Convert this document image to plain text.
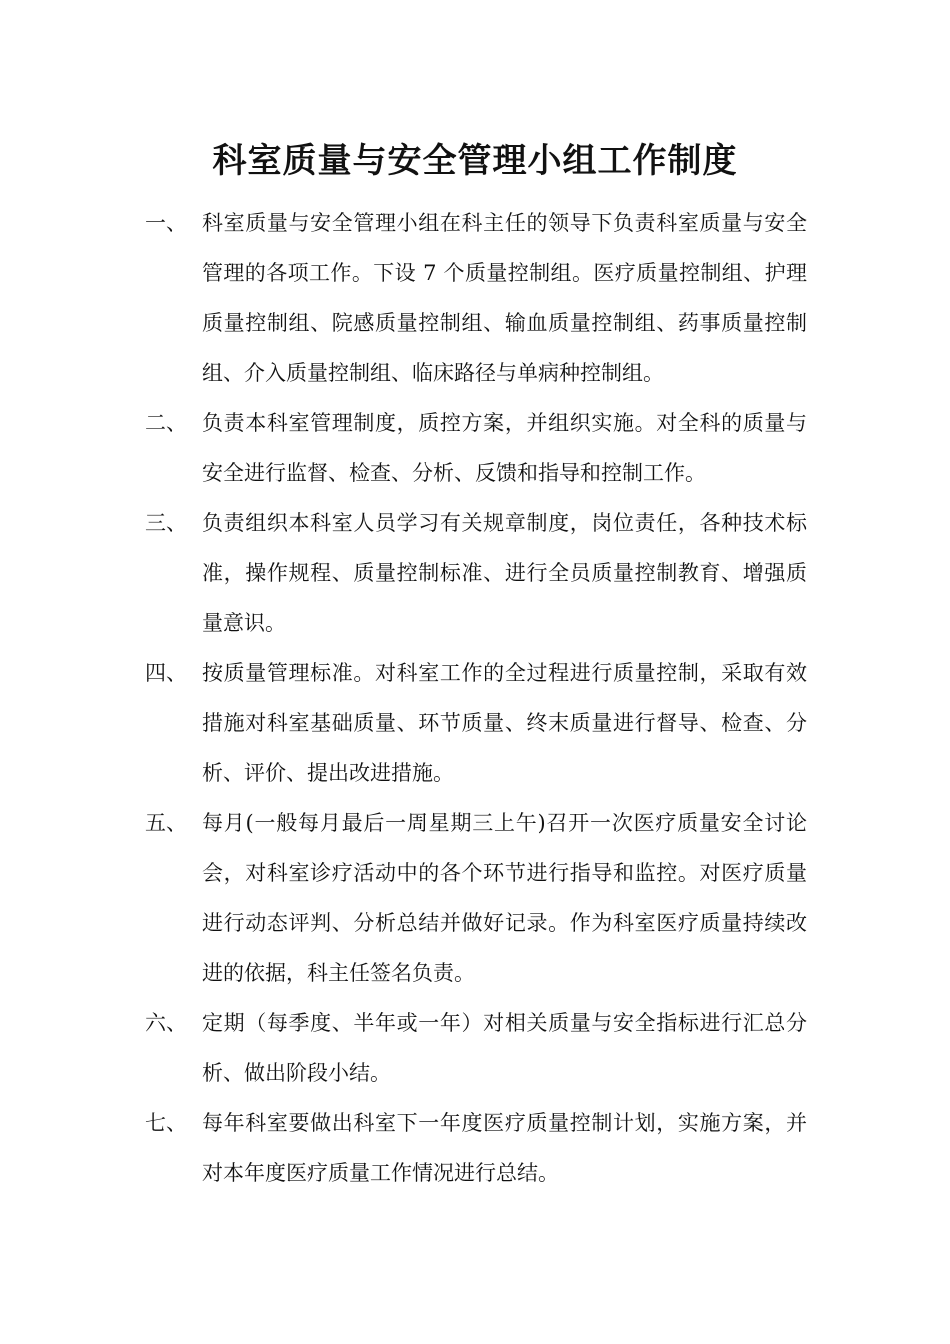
科室质量与安全管理小组工作制度
一、 科室质量与安全管理小组在科主任的领导下负责科室质量与安全管理的各项工作。下设 7 个质量控制组。医疗质量控制组、护理质量控制组、院感质量控制组、输血质量控制组、药事质量控制组、介入质量控制组、临床路径与单病种控制组。
二、 负责本科室管理制度，质控方案，并组织实施。对全科的质量与安全进行监督、检查、分析、反馈和指导和控制工作。
三、 负责组织本科室人员学习有关规章制度，岗位责任，各种技术标准，操作规程、质量控制标准、进行全员质量控制教育、增强质量意识。
四、 按质量管理标准。对科室工作的全过程进行质量控制，采取有效措施对科室基础质量、环节质量、终末质量进行督导、检查、分析、评价、提出改进措施。
五、 每月(一般每月最后一周星期三上午)召开一次医疗质量安全讨论会，对科室诊疗活动中的各个环节进行指导和监控。对医疗质量进行动态评判、分析总结并做好记录。作为科室医疗质量持续改进的依据，科主任签名负责。
六、 定期（每季度、半年或一年）对相关质量与安全指标进行汇总分析、做出阶段小结。
七、 每年科室要做出科室下一年度医疗质量控制计划，实施方案，并对本年度医疗质量工作情况进行总结。
